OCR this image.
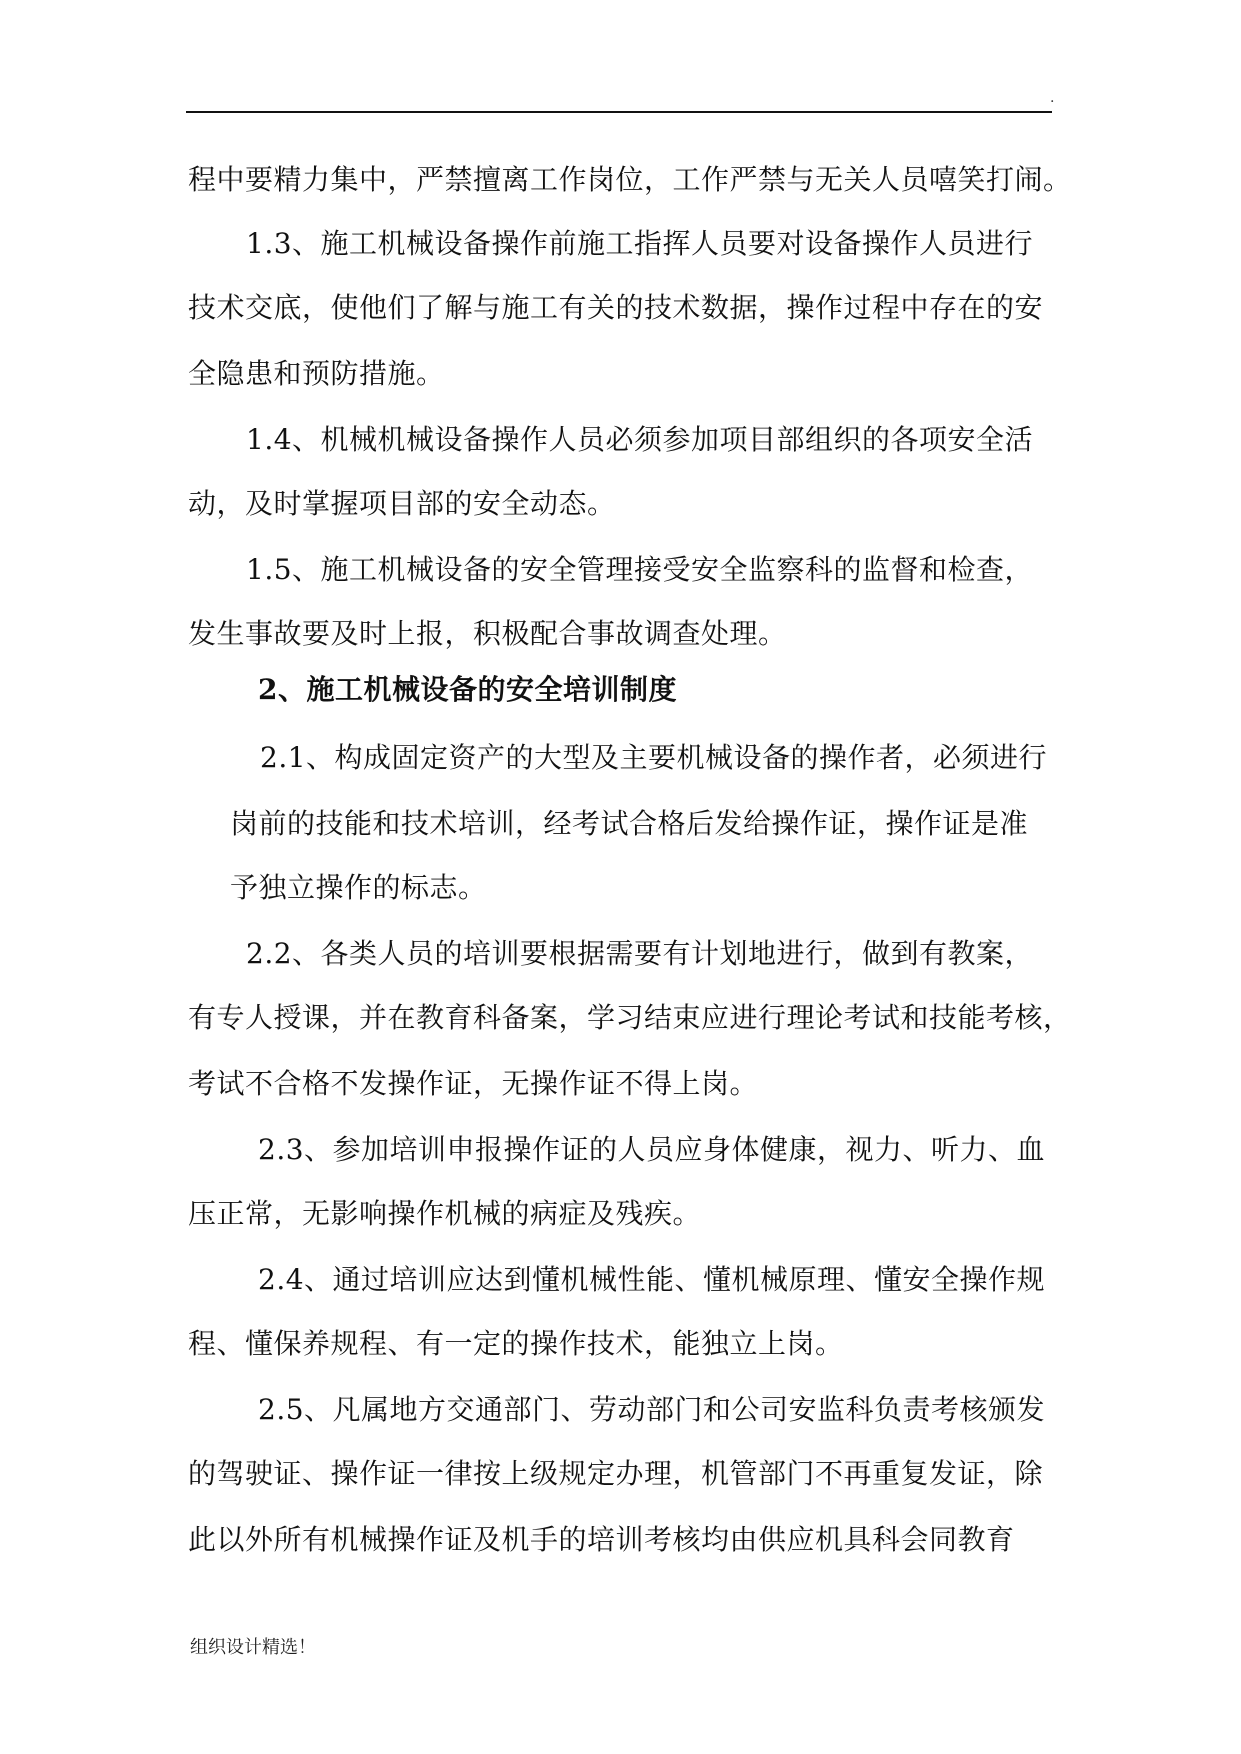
.
程中要精力集中，严禁擅离工作岗位，工作严禁与无关人员嘻笑打闹。
1.3、施工机械设备操作前施工指挥人员要对设备操作人员进行
技术交底，使他们了解与施工有关的技术数据，操作过程中存在的安
全隐患和预防措施。
1.4、机械机械设备操作人员必须参加项目部组织的各项安全活
动，及时掌握项目部的安全动态。
1.5、施工机械设备的安全管理接受安全监察科的监督和检查，
发生事故要及时上报，积极配合事故调查处理。
2、施工机械设备的安全培训制度
2.1、构成固定资产的大型及主要机械设备的操作者，必须进行
岗前的技能和技术培训，经考试合格后发给操作证，操作证是准
予独立操作的标志。
2.2、各类人员的培训要根据需要有计划地进行，做到有教案，
有专人授课，并在教育科备案，学习结束应进行理论考试和技能考核，
考试不合格不发操作证，无操作证不得上岗。
2.3、参加培训申报操作证的人员应身体健康，视力、听力、血
压正常，无影响操作机械的病症及残疾。
2.4、通过培训应达到懂机械性能、懂机械原理、懂安全操作规
程、懂保养规程、有一定的操作技术，能独立上岗。
2.5、凡属地方交通部门、劳动部门和公司安监科负责考核颁发
的驾驶证、操作证一律按上级规定办理，机管部门不再重复发证，除
此以外所有机械操作证及机手的培训考核均由供应机具科会同教育
组织设计精选！
